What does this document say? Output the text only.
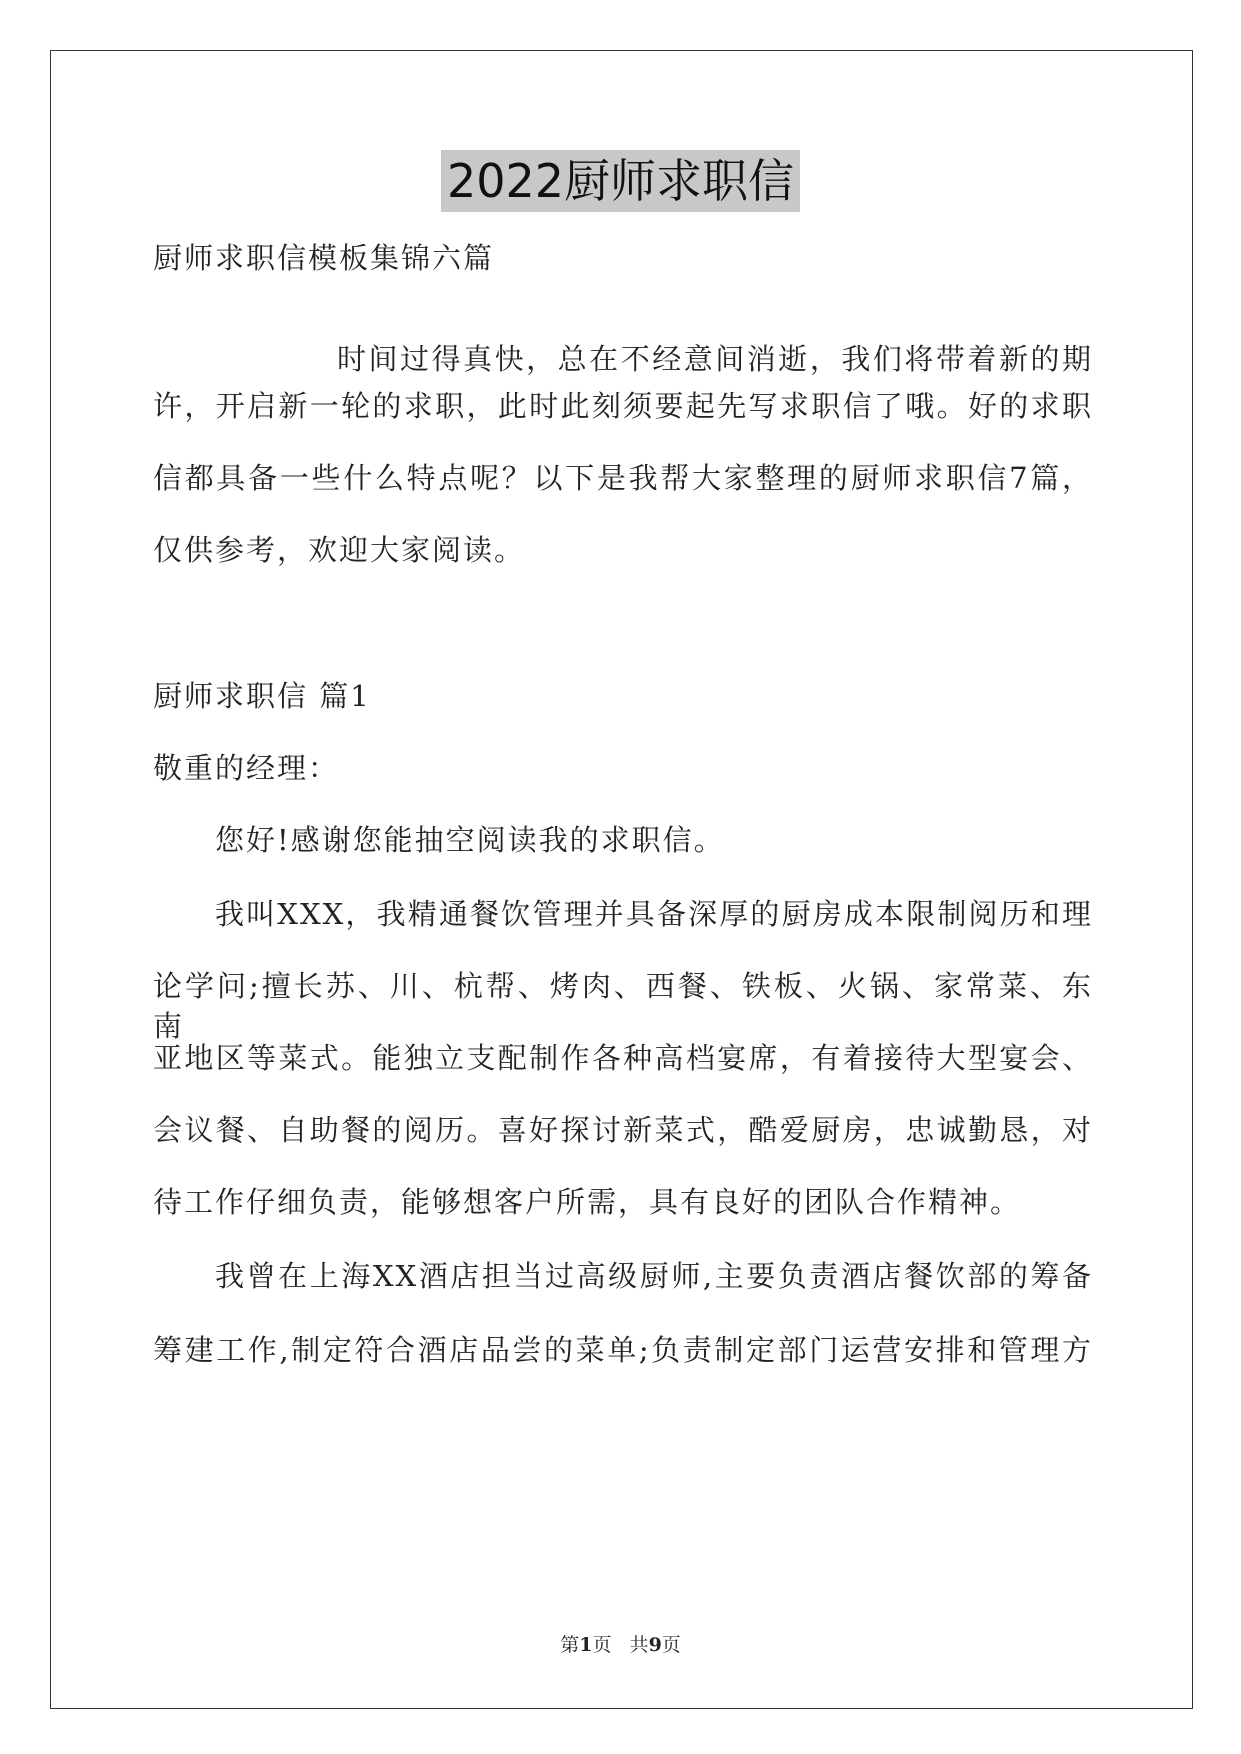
2022厨师求职信
厨师求职信模板集锦六篇
时间过得真快，总在不经意间消逝，我们将带着新的期
许，开启新一轮的求职，此时此刻须要起先写求职信了哦。好的求职
信都具备一些什么特点呢？以下是我帮大家整理的厨师求职信7篇，
仅供参考，欢迎大家阅读。
厨师求职信 篇1
敬重的经理：
您好!感谢您能抽空阅读我的求职信。
我叫XXX，我精通餐饮管理并具备深厚的厨房成本限制阅历和理
论学问;擅长苏、川、杭帮、烤肉、西餐、铁板、火锅、家常菜、东南
亚地区等菜式。能独立支配制作各种高档宴席，有着接待大型宴会、
会议餐、自助餐的阅历。喜好探讨新菜式，酷爱厨房，忠诚勤恳，对
待工作仔细负责，能够想客户所需，具有良好的团队合作精神。
我曾在上海XX酒店担当过高级厨师,主要负责酒店餐饮部的筹备
筹建工作,制定符合酒店品尝的菜单;负责制定部门运营安排和管理方
第1页   共9页
